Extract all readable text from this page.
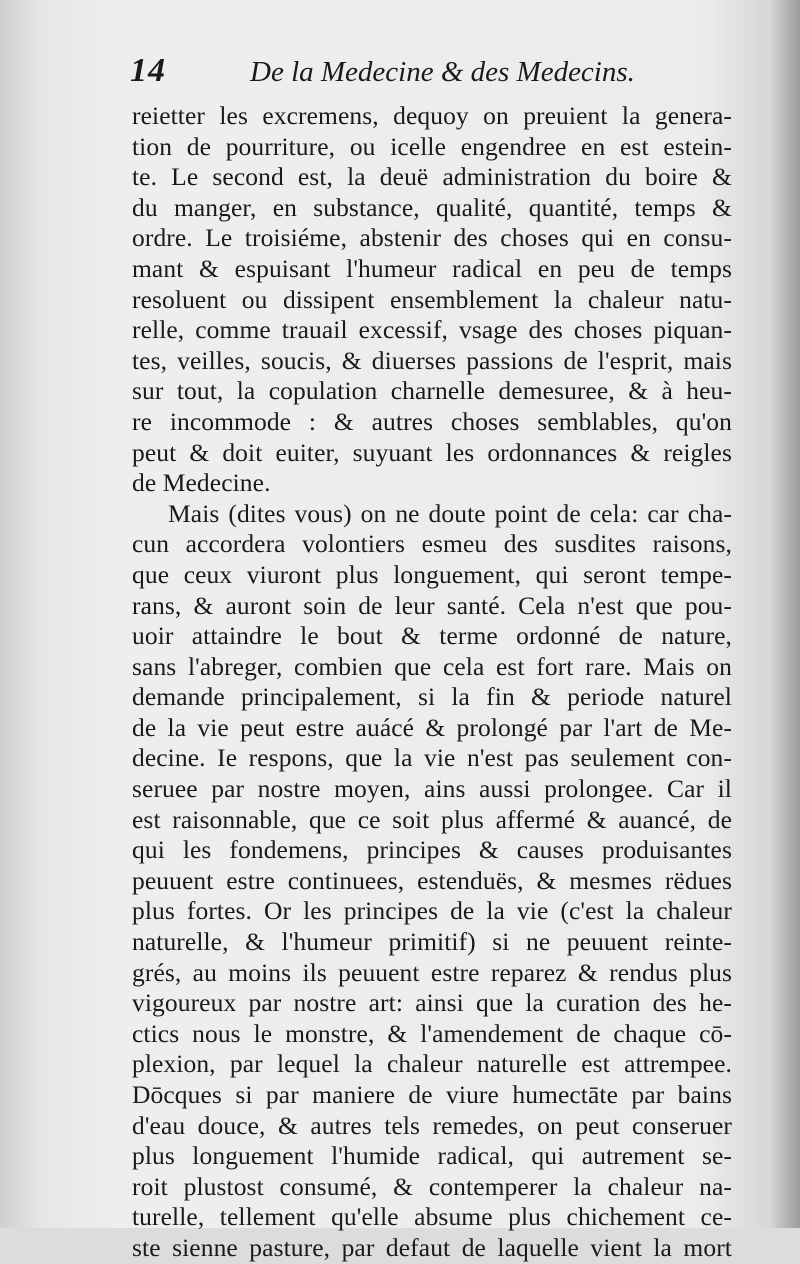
14	De la Medecine & des Medecins.
reietter les excremens, dequoy on preuient la genera-
tion de pourriture, ou icelle engendree en est estein-
te. Le second est, la deuë administration du boire &
du manger, en substance, qualité, quantité, temps &
ordre. Le troisiéme, abstenir des choses qui en consu-
mant & espuisant l'humeur radical en peu de temps
resoluent ou dissipent ensemblement la chaleur natu-
relle, comme trauail excessif, vsage des choses piquan-
tes, veilles, soucis, & diuerses passions de l'esprit, mais
sur tout, la copulation charnelle demesuree, & à heu-
re incommode : & autres choses semblables, qu'on
peut & doit euiter, suyuant les ordonnances & reigles
de Medecine.
Mais (dites vous) on ne doute point de cela: car cha-
cun accordera volontiers esmeu des susdites raisons,
que ceux viuront plus longuement, qui seront tempe-
rans, & auront soin de leur santé. Cela n'est que pou-
uoir attaindre le bout & terme ordonné de nature,
sans l'abreger, combien que cela est fort rare. Mais on
demande principalement, si la fin & periode naturel
de la vie peut estre auácé & prolongé par l'art de Me-
decine. Ie respons, que la vie n'est pas seulement con-
seruee par nostre moyen, ains aussi prolongee. Car il
est raisonnable, que ce soit plus affermé & auancé, de
qui les fondemens, principes & causes produisantes
peuuent estre continuees, estenduës, & mesmes rëdues
plus fortes. Or les principes de la vie (c'est la chaleur
naturelle, & l'humeur primitif) si ne peuuent reinte-
grés, au moins ils peuuent estre reparez & rendus plus
vigoureux par nostre art: ainsi que la curation des he-
ctics nous le monstre, & l'amendement de chaque cō-
plexion, par lequel la chaleur naturelle est attrempee.
Dōcques si par maniere de viure humectāte par bains
d'eau douce, & autres tels remedes, on peut conseruer
plus longuement l'humide radical, qui autrement se-
roit plustost consumé, & contemperer la chaleur na-
turelle, tellement qu'elle absume plus chichement ce-
ste sienne pasture, par defaut de laquelle vient la mort
